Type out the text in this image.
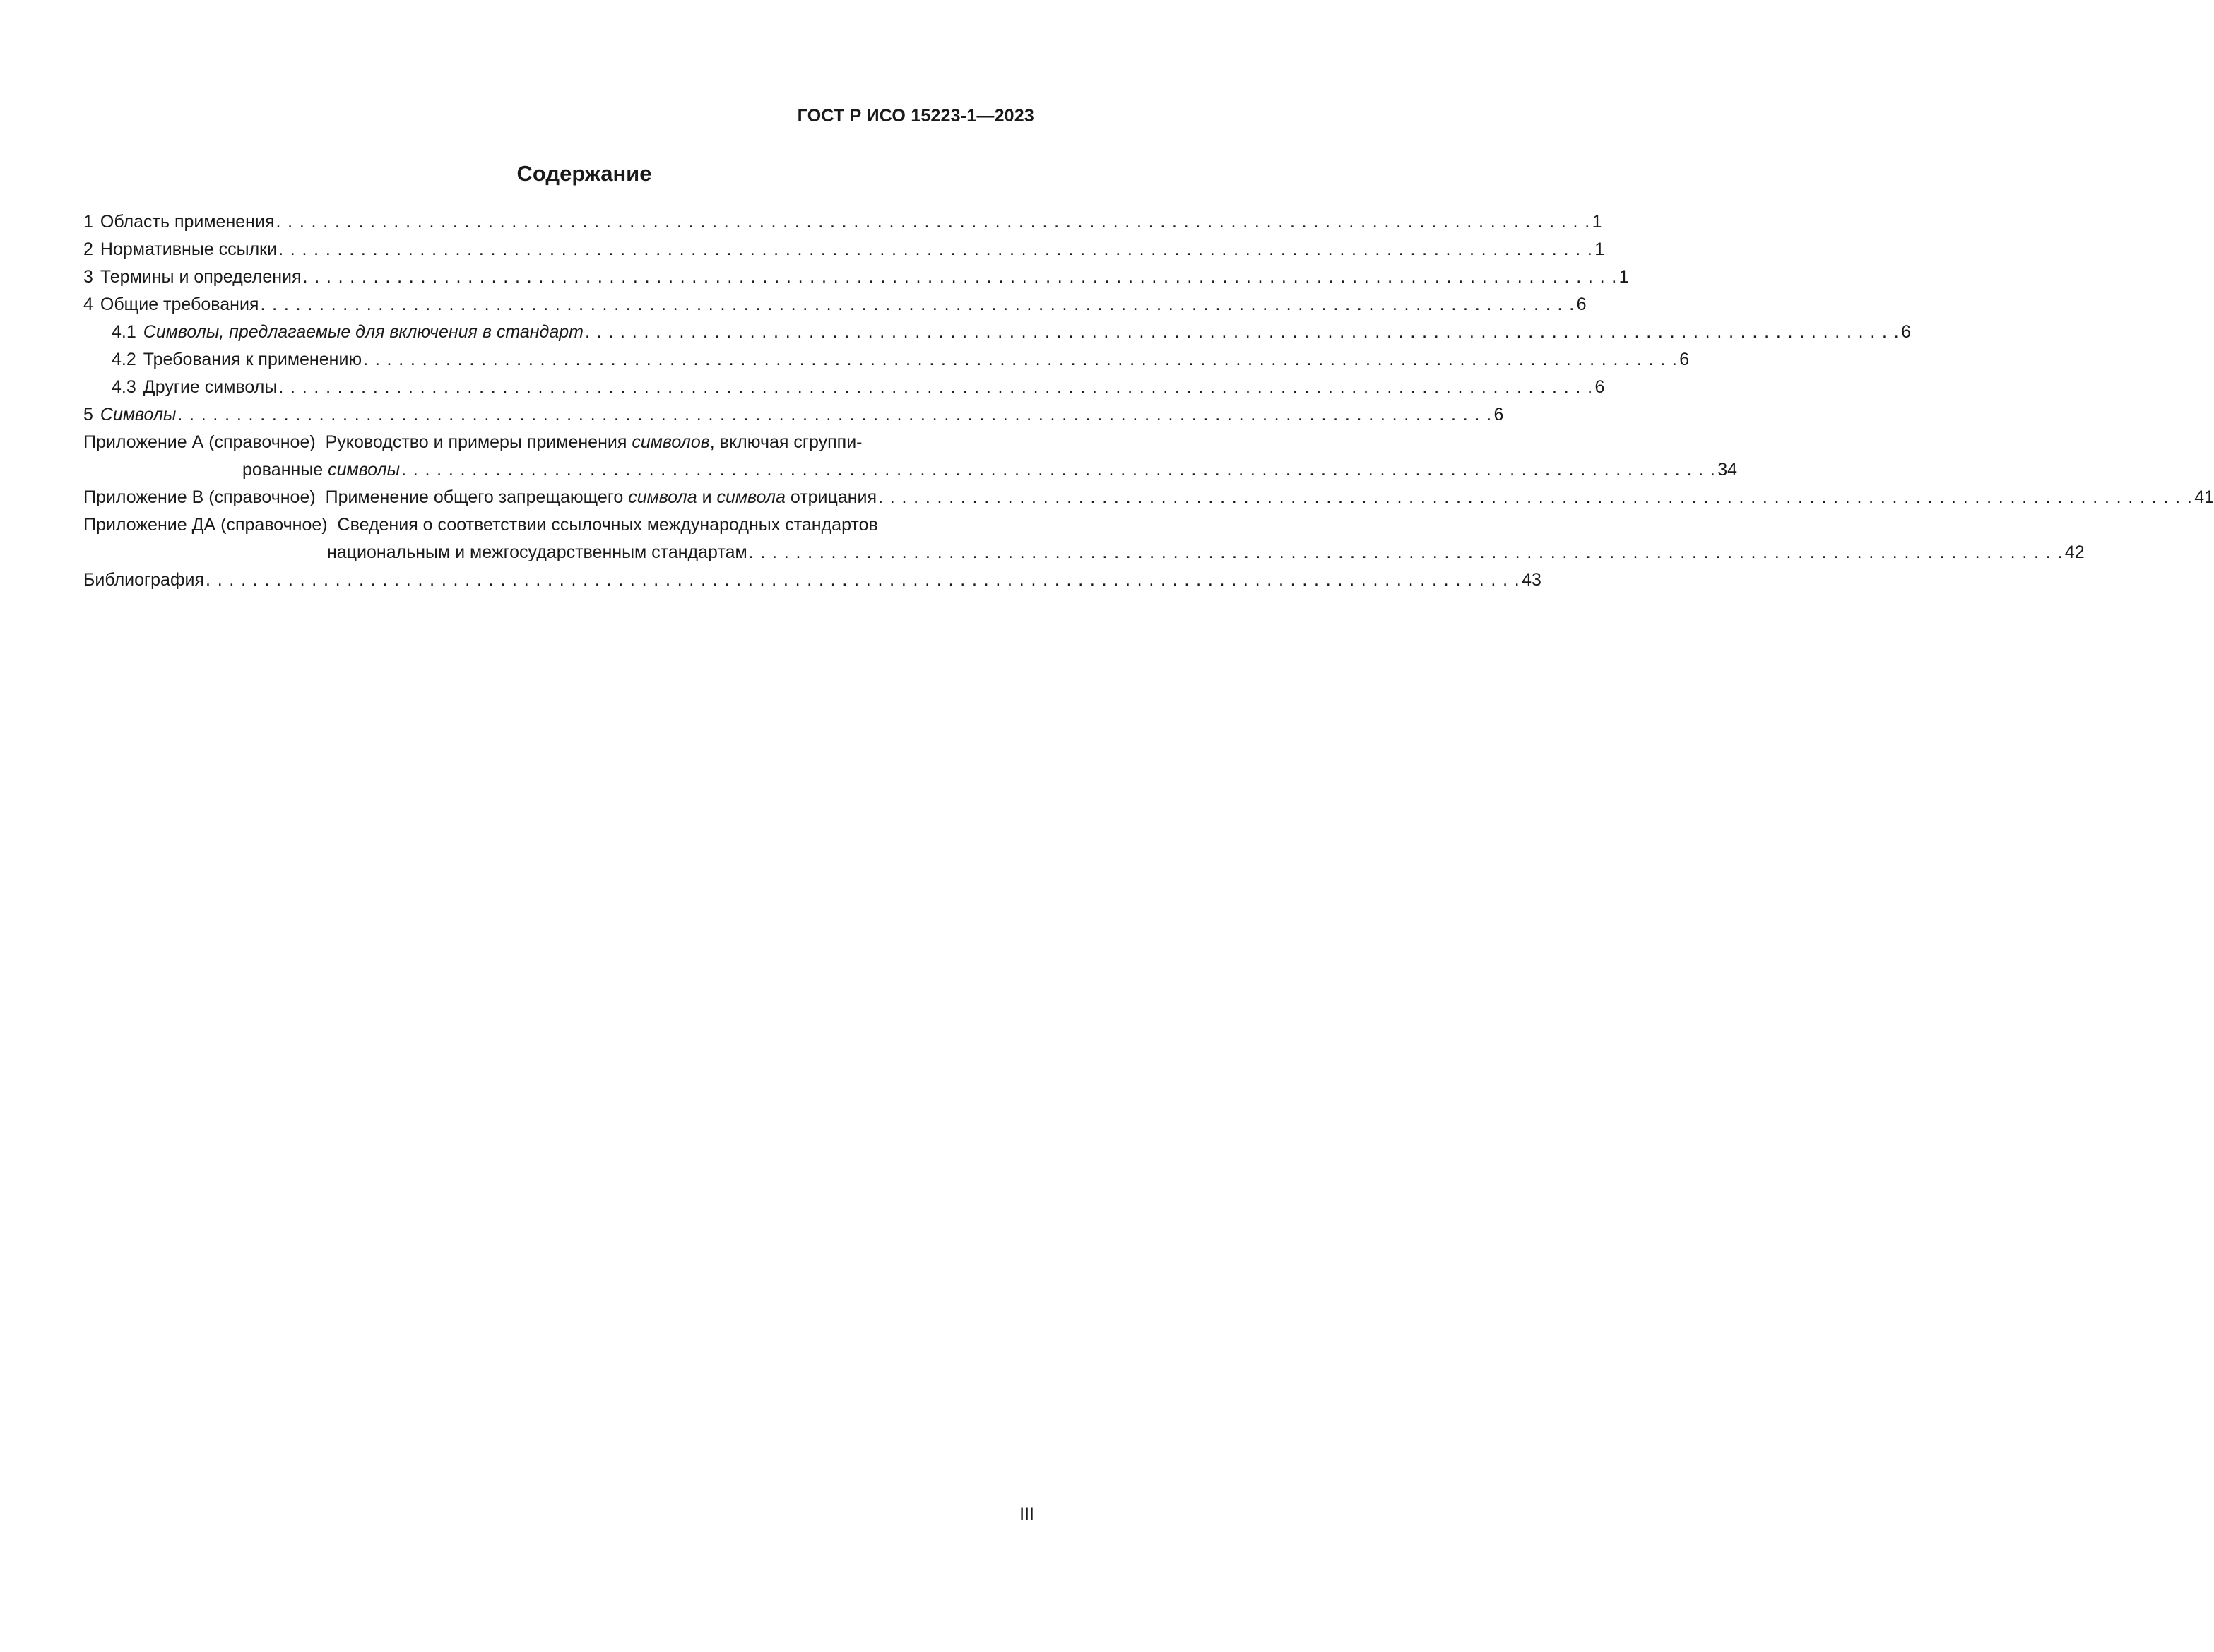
ГОСТ Р ИСО 15223-1—2023
Содержание
1 Область применения . . .	1
2 Нормативные ссылки . . .	1
3 Термины и определения . . .	1
4 Общие требования . . .	6
4.1 Символы, предлагаемые для включения в стандарт . . .	6
4.2 Требования к применению . . .	6
4.3 Другие символы . . .	6
5 Символы . . .	6
Приложение А (справочное) Руководство и примеры применения символов, включая сгруппи-
рованные символы . . .	34
Приложение В (справочное) Применение общего запрещающего символа и символа отрицания . . .	41
Приложение ДА (справочное) Сведения о соответствии ссылочных международных стандартов
национальным и межгосударственным стандартам . . .	42
Библиография . . .	43
III
